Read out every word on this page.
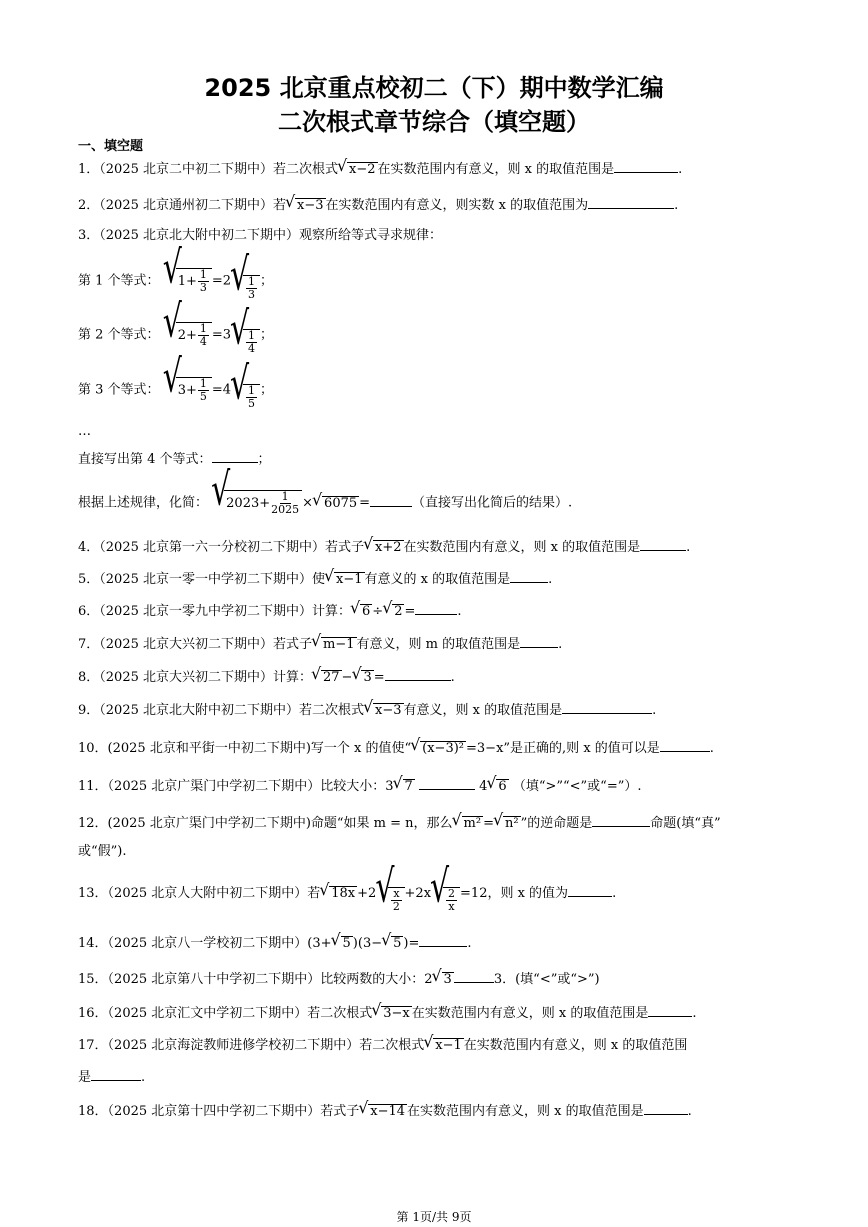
2025 北京重点校初二（下）期中数学汇编
二次根式章节综合（填空题）
一、填空题
1．（2025 北京二中初二下期中）若二次根式 √ x−2 在实数范围内有意义，则 x 的取值范围是	.
2．（2025 北京通州初二下期中）若 √ x−3 在实数范围内有意义，则实数 x 的取值范围为	.
3．（2025 北京北大附中初二下期中）观察所给等式寻求规律：
第 1 个等式： √ $1+ \frac{1}{3} =2$ √ 1
3
；
第 2 个等式： √ $2+ \frac{1}{4} =3$ √ 1
4
；
第 3 个等式： √ $3+ \frac{1}{5} =4$ √ 1
5
；
…
直接写出第 4 个等式：	；
根据上述规律，化简： √ $2023+ \frac{1}{2025}$ × √ 6075 =	（直接写出化简后的结果）.
4．（2025 北京第一六一分校初二下期中）若式子 √ x+2 在实数范围内有意义，则 x 的取值范围是	.
5．（2025 北京一零一中学初二下期中）使 √ x−1 有意义的 x 的取值范围是	.
6．（2025 北京一零九中学初二下期中）计算： √ 6 ÷ √ 2 =	.
7．（2025 北京大兴初二下期中）若式子 √ m−1 有意义，则 m 的取值范围是	.
8．（2025 北京大兴初二下期中）计算： √ 27 − √ 3 =	.
9．（2025 北京北大附中初二下期中）若二次根式 √ x−3 有意义，则 x 的取值范围是	.
10．(2025 北京和平街一中初二下期中)写一个 x 的值使“ √ (x−3)² =3−x”是正确的,则 x 的值可以是	.
11．（2025 北京广渠门中学初二下期中）比较大小：3 √ 7	4 √ 6 （填“>”“<”或“=”）.
12．(2025 北京广渠门中学初二下期中)命题“如果 m = n，那么 √ m² = √ n² ”的逆命题是	命题(填“真”
或“假”).
13．（2025 北京人大附中初二下期中）若 √ 18x +2 √ x
2
+2x √ 2
x
=12，则 x 的值为	.
14．（2025 北京八一学校初二下期中）(3+ √ 5 )(3− √ 5 )=	.
15．（2025 北京第八十中学初二下期中）比较两数的大小：2 √ 3	3．(填“<”或“>”)
16．（2025 北京汇文中学初二下期中）若二次根式 √ 3−x 在实数范围内有意义，则 x 的取值范围是	.
17．（2025 北京海淀教师进修学校初二下期中）若二次根式 √ x−1 在实数范围内有意义，则 x 的取值范围
是	.
18．（2025 北京第十四中学初二下期中）若式子 √ x−14 在实数范围内有意义，则 x 的取值范围是	.
第 1页/共 9页
